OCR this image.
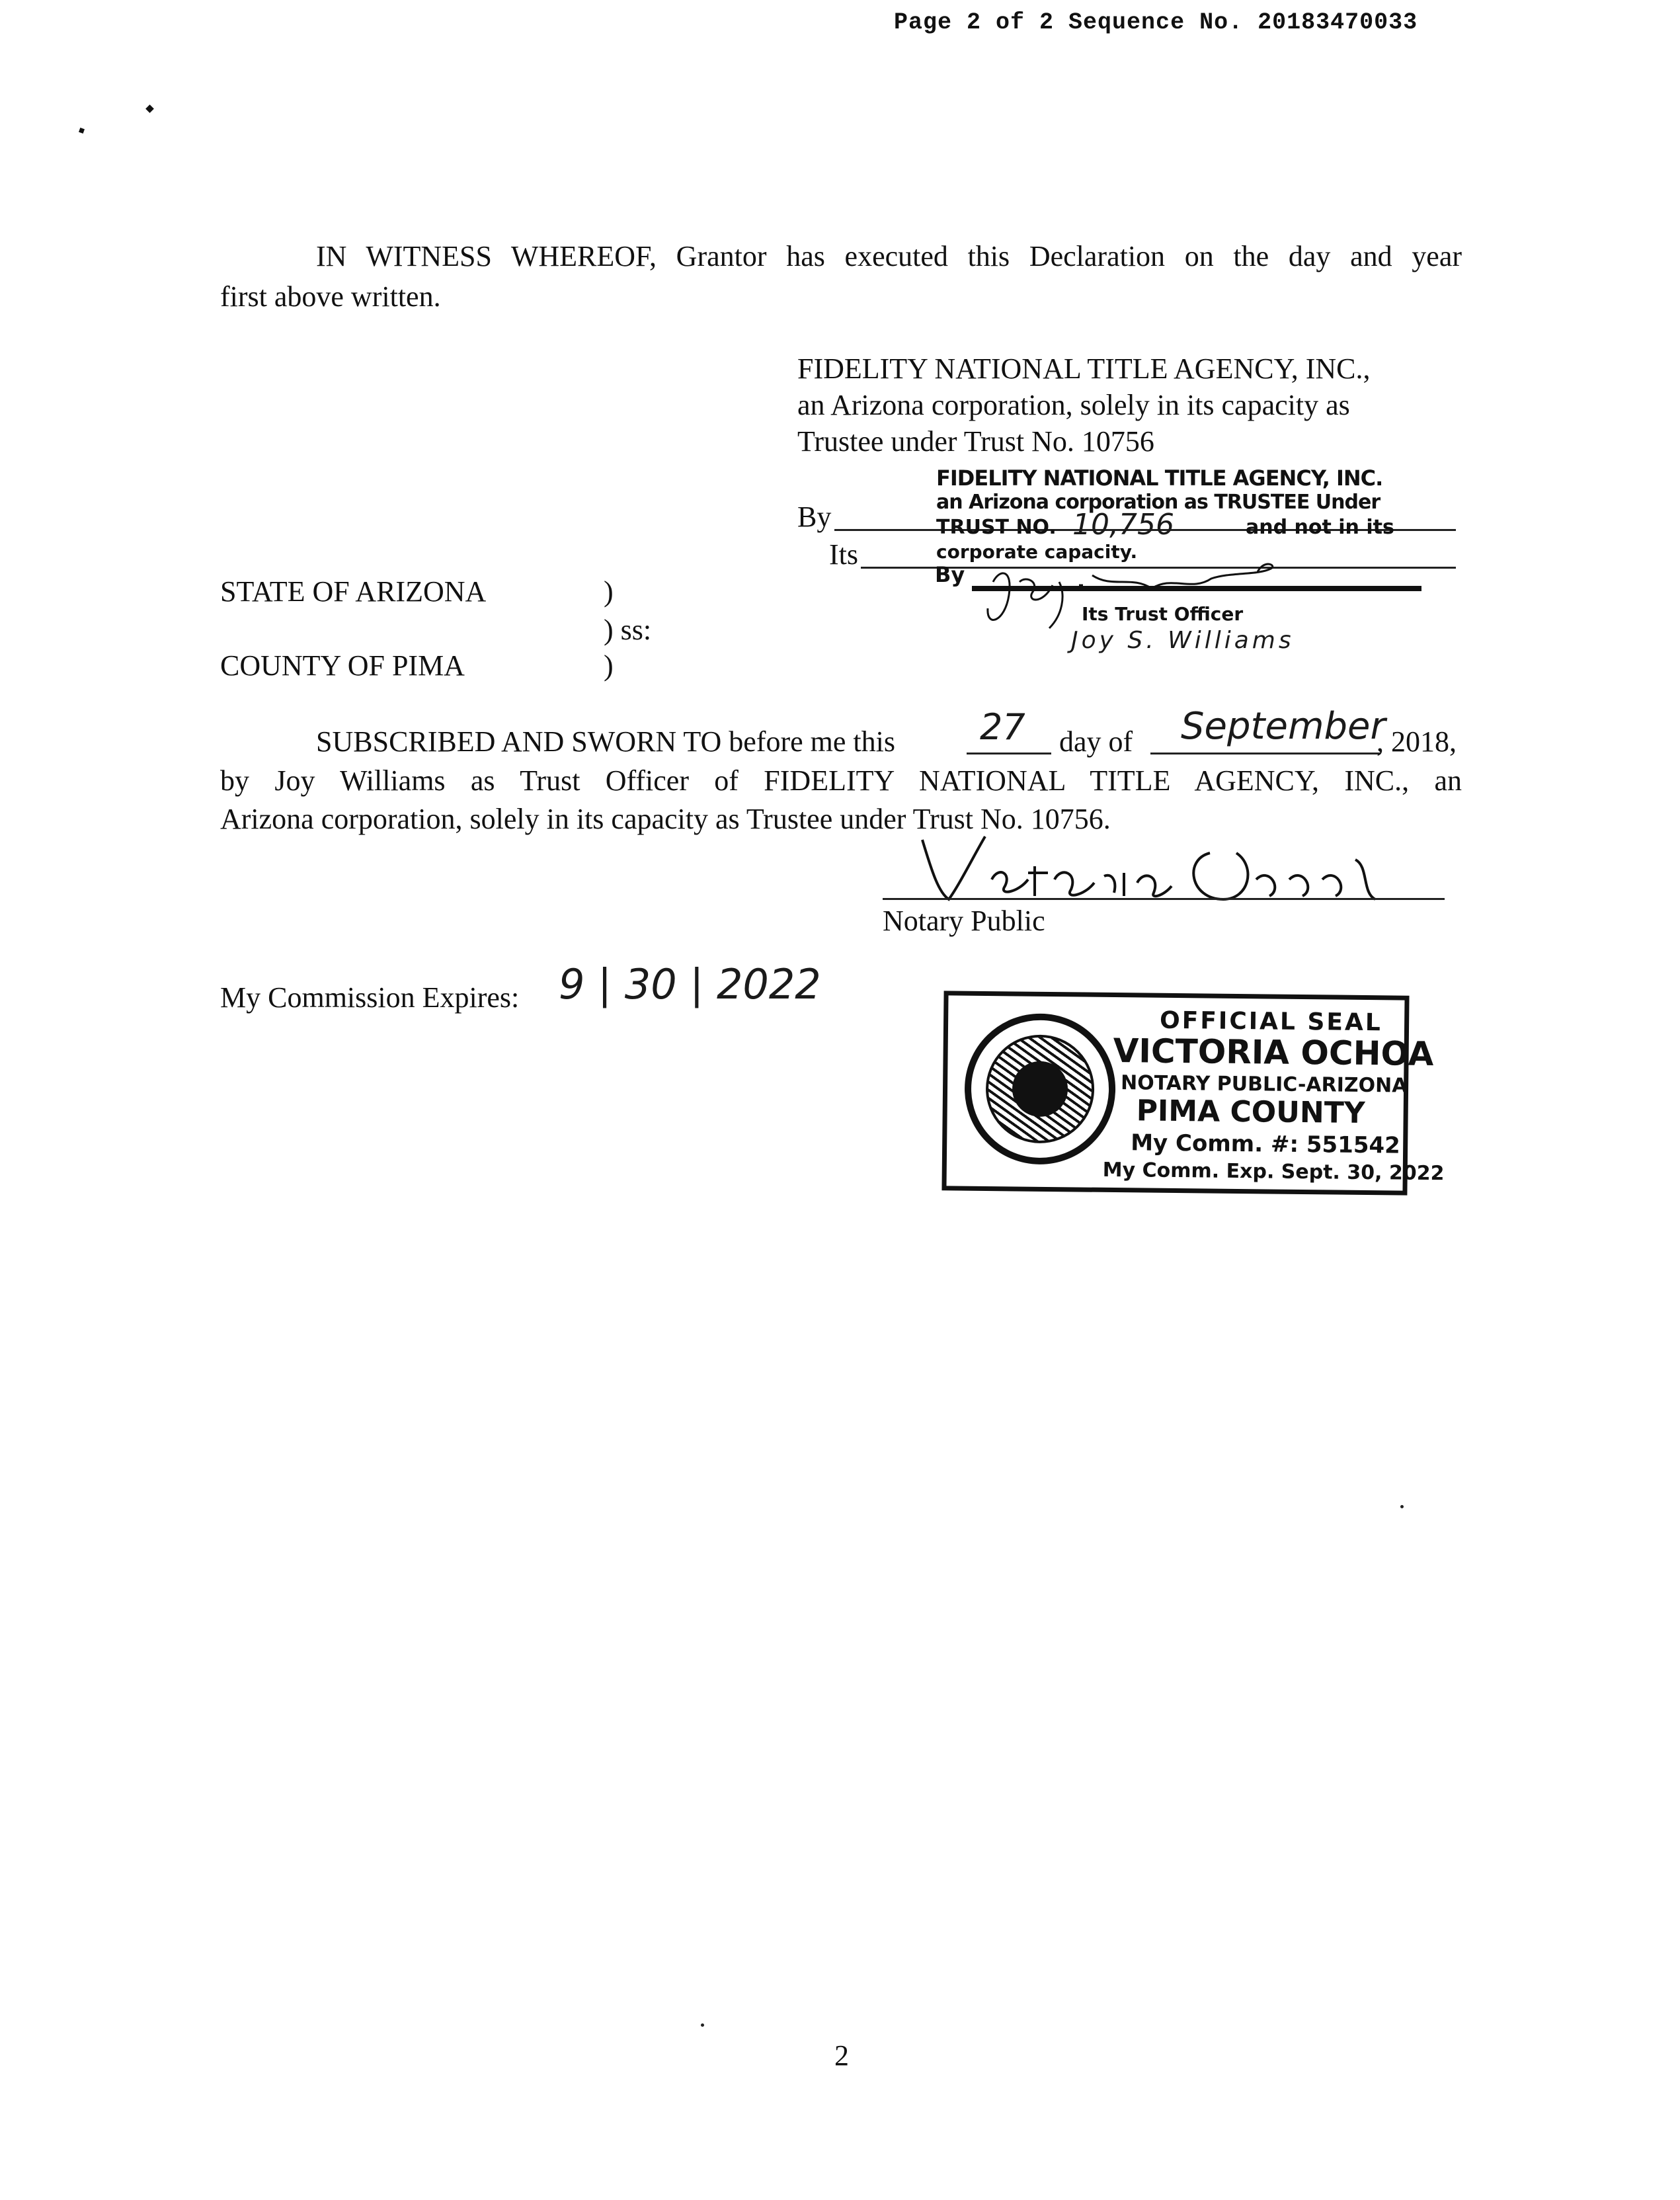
Page 2 of 2 Sequence No. 20183470033
IN WITNESS WHEREOF, Grantor has executed this Declaration on the day and year
first above written.
FIDELITY NATIONAL TITLE AGENCY, INC.,
an Arizona corporation, solely in its capacity as
Trustee under Trust No. 10756
By
Its
FIDELITY NATIONAL TITLE AGENCY, INC.
an Arizona corporation as TRUSTEE Under
TRUST NO. 10,756	and not in its
corporate capacity.
By
Its Trust Officer
Joy S. Williams
STATE OF ARIZONA	)
) ss:
COUNTY OF PIMA	)
SUBSCRIBED AND SWORN TO before me this 27 day of September
, 2018,
by Joy Williams as Trust Officer of FIDELITY NATIONAL TITLE AGENCY, INC., an
Arizona corporation, solely in its capacity as Trustee under Trust No. 10756.
Notary Public
My Commission Expires: 9 | 30 | 2022
OFFICIAL SEAL
VICTORIA OCHOA
NOTARY PUBLIC-ARIZONA
PIMA COUNTY
My Comm. #: 551542
My Comm. Exp. Sept. 30, 2022
2
